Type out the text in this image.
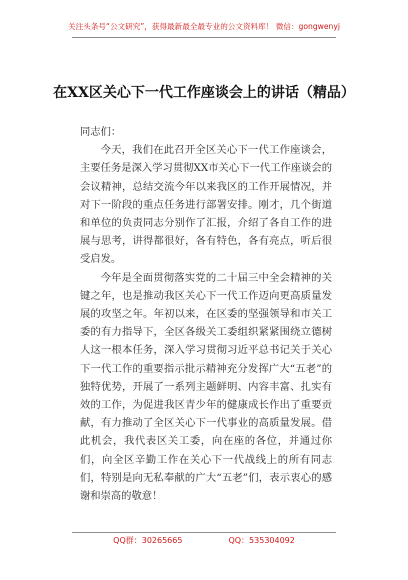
关注头条号“公文研究”，获得最新最全最专业的公文资料库！ 微信：gongwenyj
在XX区关心下一代工作座谈会上的讲话（精品）

同志们：

今天，我们在此召开全区关心下一代工作座谈会，主要任务是深入学习贯彻XX市关心下一代工作座谈会的会议精神，总结交流今年以来我区的工作开展情况，并对下一阶段的重点任务进行部署安排。刚才，几个街道和单位的负责同志分别作了汇报，介绍了各自工作的进展与思考，讲得都很好，各有特色，各有亮点，听后很受启发。

今年是全面贯彻落实党的二十届三中全会精神的关键之年，也是推动我区关心下一代工作迈向更高质量发展的攻坚之年。年初以来，在区委的坚强领导和市关工委的有力指导下，全区各级关工委组织紧紧围绕立德树人这一根本任务，深入学习贯彻习近平总书记关于关心下一代工作的重要指示批示精神充分发挥广大“五老”的独特优势，开展了一系列主题鲜明、内容丰富、扎实有效的工作，为促进我区青少年的健康成长作出了重要贡献，有力推动了全区关心下一代事业的高质量发展。借此机会，我代表区关工委，向在座的各位，并通过你们，向全区辛勤工作在关心下一代战线上的所有同志们，特别是向无私奉献的广大“五老”们，表示衷心的感谢和崇高的敬意！

QQ群：30265665	QQ：535304092
